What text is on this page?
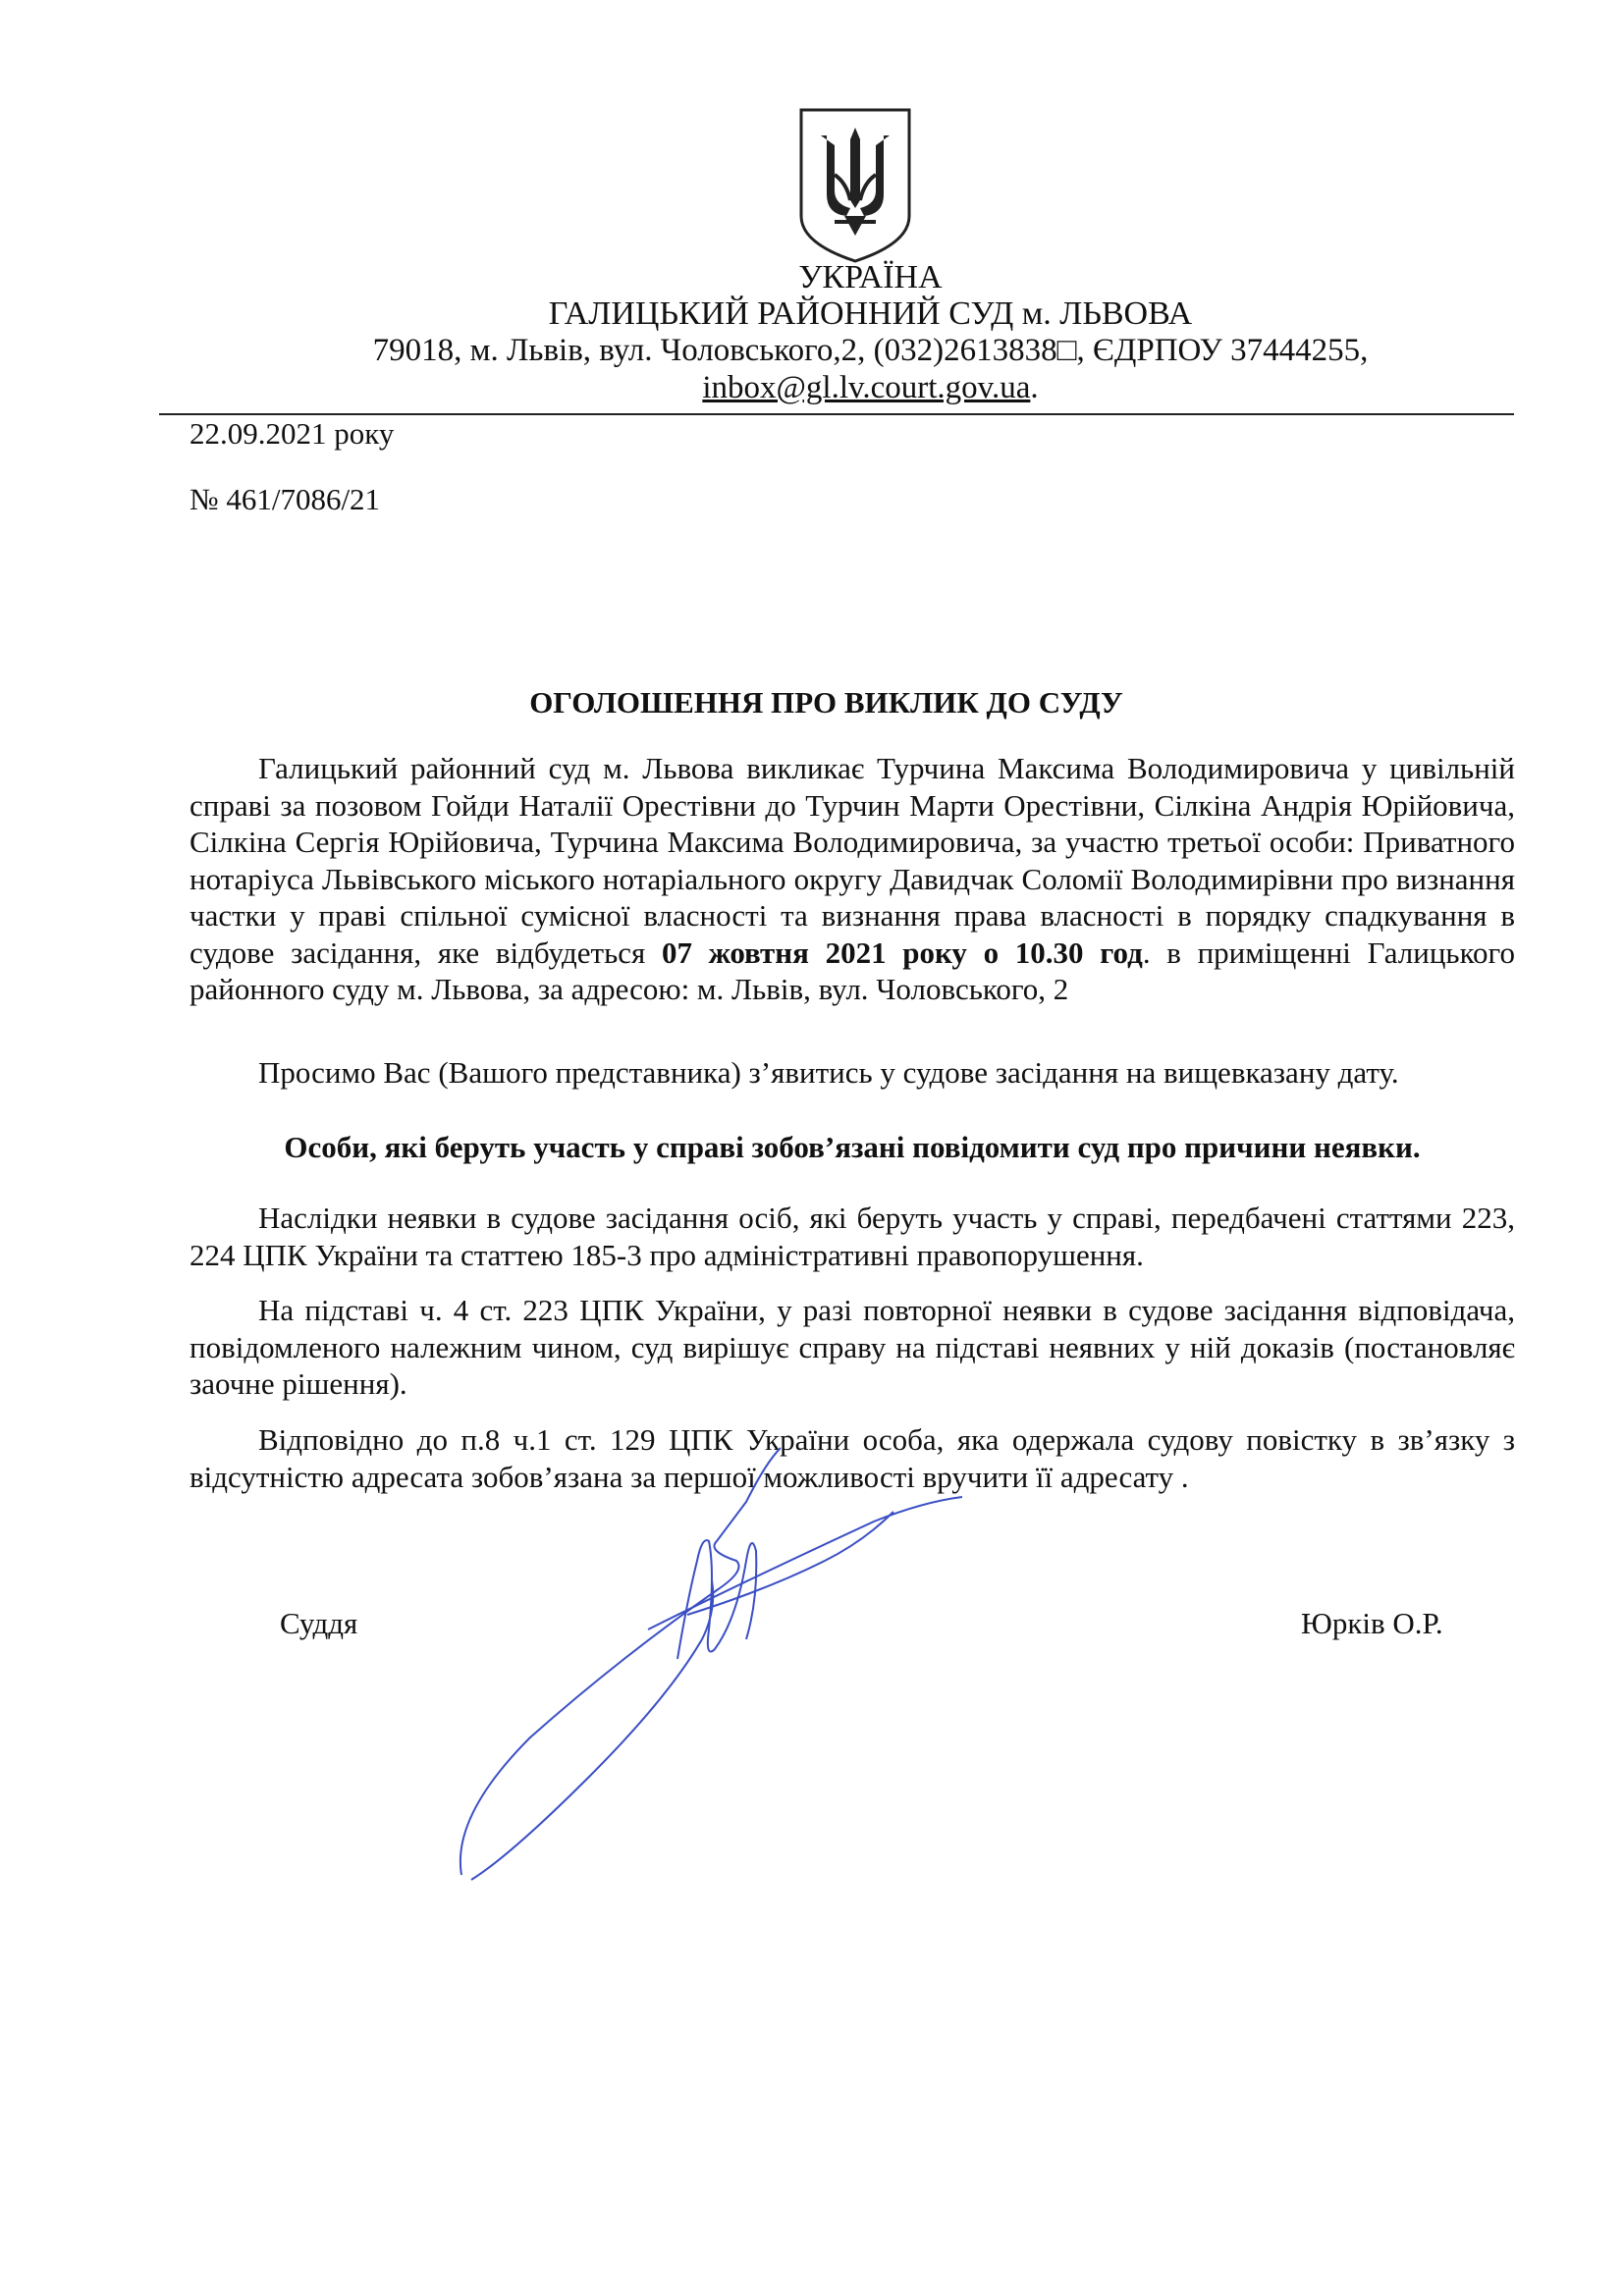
УКРАЇНА
ГАЛИЦЬКИЙ РАЙОННИЙ СУД м. ЛЬВОВА
79018, м. Львів, вул. Чоловського,2, (032)2613838□, ЄДРПОУ 37444255,
inbox@gl.lv.court.gov.ua.
22.09.2021 року
№ 461/7086/21
ОГОЛОШЕННЯ ПРО ВИКЛИК ДО СУДУ
Галицький районний суд м. Львова викликає Турчина Максима Володимировича у цивільній справі за позовом Гойди Наталії Орестівни до Турчин Марти Орестівни, Сілкіна Андрія Юрійовича, Сілкіна Сергія Юрійовича, Турчина Максима Володимировича, за участю третьої особи: Приватного нотаріуса Львівського міського нотаріального округу Давидчак Соломії Володимирівни про визнання частки у праві спільної сумісної власності та визнання права власності в порядку спадкування в судове засідання, яке відбудеться 07 жовтня 2021 року о 10.30 год. в приміщенні Галицького районного суду м. Львова, за адресою: м. Львів, вул. Чоловського, 2
Просимо Вас (Вашого представника) з’явитись у судове засідання на вищевказану дату.
Особи, які беруть участь у справі зобов’язані повідомити суд про причини неявки.
Наслідки неявки в судове засідання осіб, які беруть участь у справі, передбачені статтями 223, 224 ЦПК України та статтею 185-3 про адміністративні правопорушення.
На підставі ч. 4 ст. 223 ЦПК України, у разі повторної неявки в судове засідання відповідача, повідомленого належним чином, суд вирішує справу на підставі неявних у ній доказів (постановляє заочне рішення).
Відповідно до п.8 ч.1 ст. 129 ЦПК України особа, яка одержала судову повістку в зв’язку з відсутністю адресата зобов’язана за першої можливості вручити її адресату .
Суддя	Юрків О.Р.
